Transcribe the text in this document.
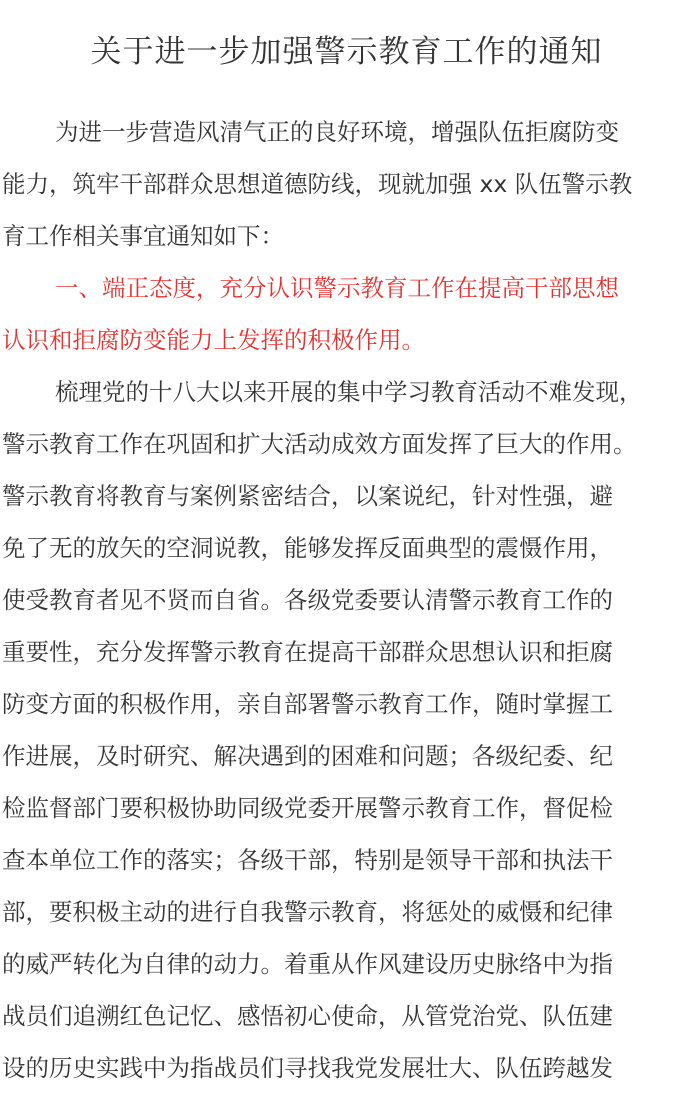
关于进一步加强警示教育工作的通知
为进一步营造风清气正的良好环境，增强队伍拒腐防变
能力，筑牢干部群众思想道德防线，现就加强 xx 队伍警示教
育工作相关事宜通知如下：
一、端正态度，充分认识警示教育工作在提高干部思想
认识和拒腐防变能力上发挥的积极作用。
梳理党的十八大以来开展的集中学习教育活动不难发现，
警示教育工作在巩固和扩大活动成效方面发挥了巨大的作用。
警示教育将教育与案例紧密结合，以案说纪，针对性强，避
免了无的放矢的空洞说教，能够发挥反面典型的震慑作用，
使受教育者见不贤而自省。各级党委要认清警示教育工作的
重要性，充分发挥警示教育在提高干部群众思想认识和拒腐
防变方面的积极作用，亲自部署警示教育工作，随时掌握工
作进展，及时研究、解决遇到的困难和问题；各级纪委、纪
检监督部门要积极协助同级党委开展警示教育工作，督促检
查本单位工作的落实；各级干部，特别是领导干部和执法干
部，要积极主动的进行自我警示教育，将惩处的威慑和纪律
的威严转化为自律的动力。着重从作风建设历史脉络中为指
战员们追溯红色记忆、感悟初心使命，从管党治党、队伍建
设的历史实践中为指战员们寻找我党发展壮大、队伍跨越发
